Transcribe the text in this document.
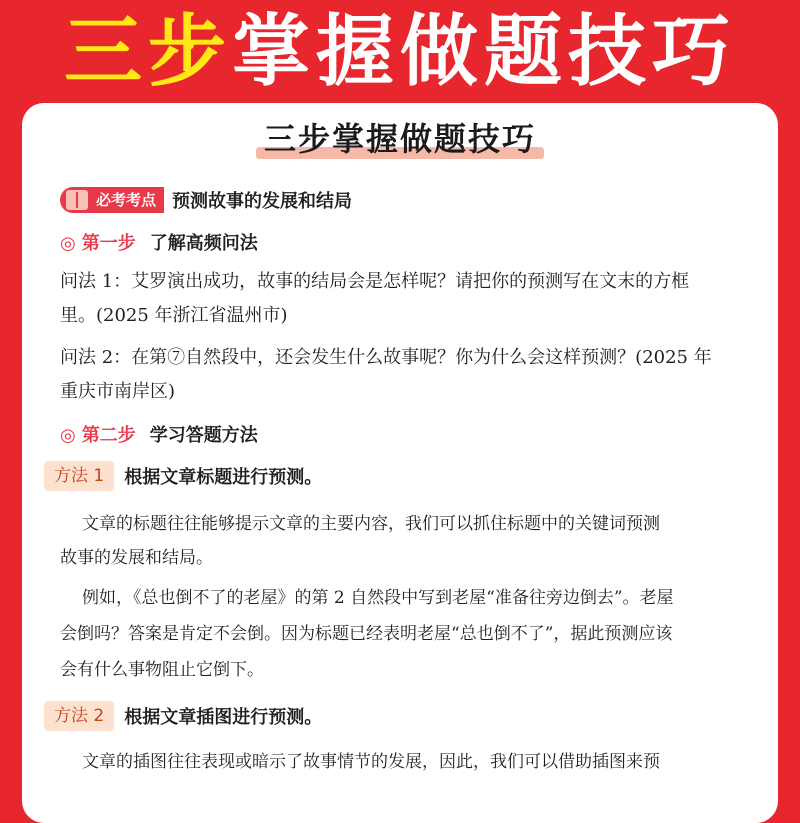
三步掌握做题技巧
三步掌握做题技巧
必考考点 预测故事的发展和结局
◎ 第一步 了解高频问法
问法 1：艾罗演出成功，故事的结局会是怎样呢？请把你的预测写在文末的方框
里。(2025 年浙江省温州市)
问法 2：在第⑦自然段中，还会发生什么故事呢？你为什么会这样预测？(2025 年
重庆市南岸区)
◎ 第二步 学习答题方法
方法 1 根据文章标题进行预测。
文章的标题往往能够提示文章的主要内容，我们可以抓住标题中的关键词预测
故事的发展和结局。
例如，《总也倒不了的老屋》的第 2 自然段中写到老屋“准备往旁边倒去”。老屋
会倒吗？答案是肯定不会倒。因为标题已经表明老屋“总也倒不了”，据此预测应该
会有什么事物阻止它倒下。
方法 2 根据文章插图进行预测。
文章的插图往往表现或暗示了故事情节的发展，因此，我们可以借助插图来预
